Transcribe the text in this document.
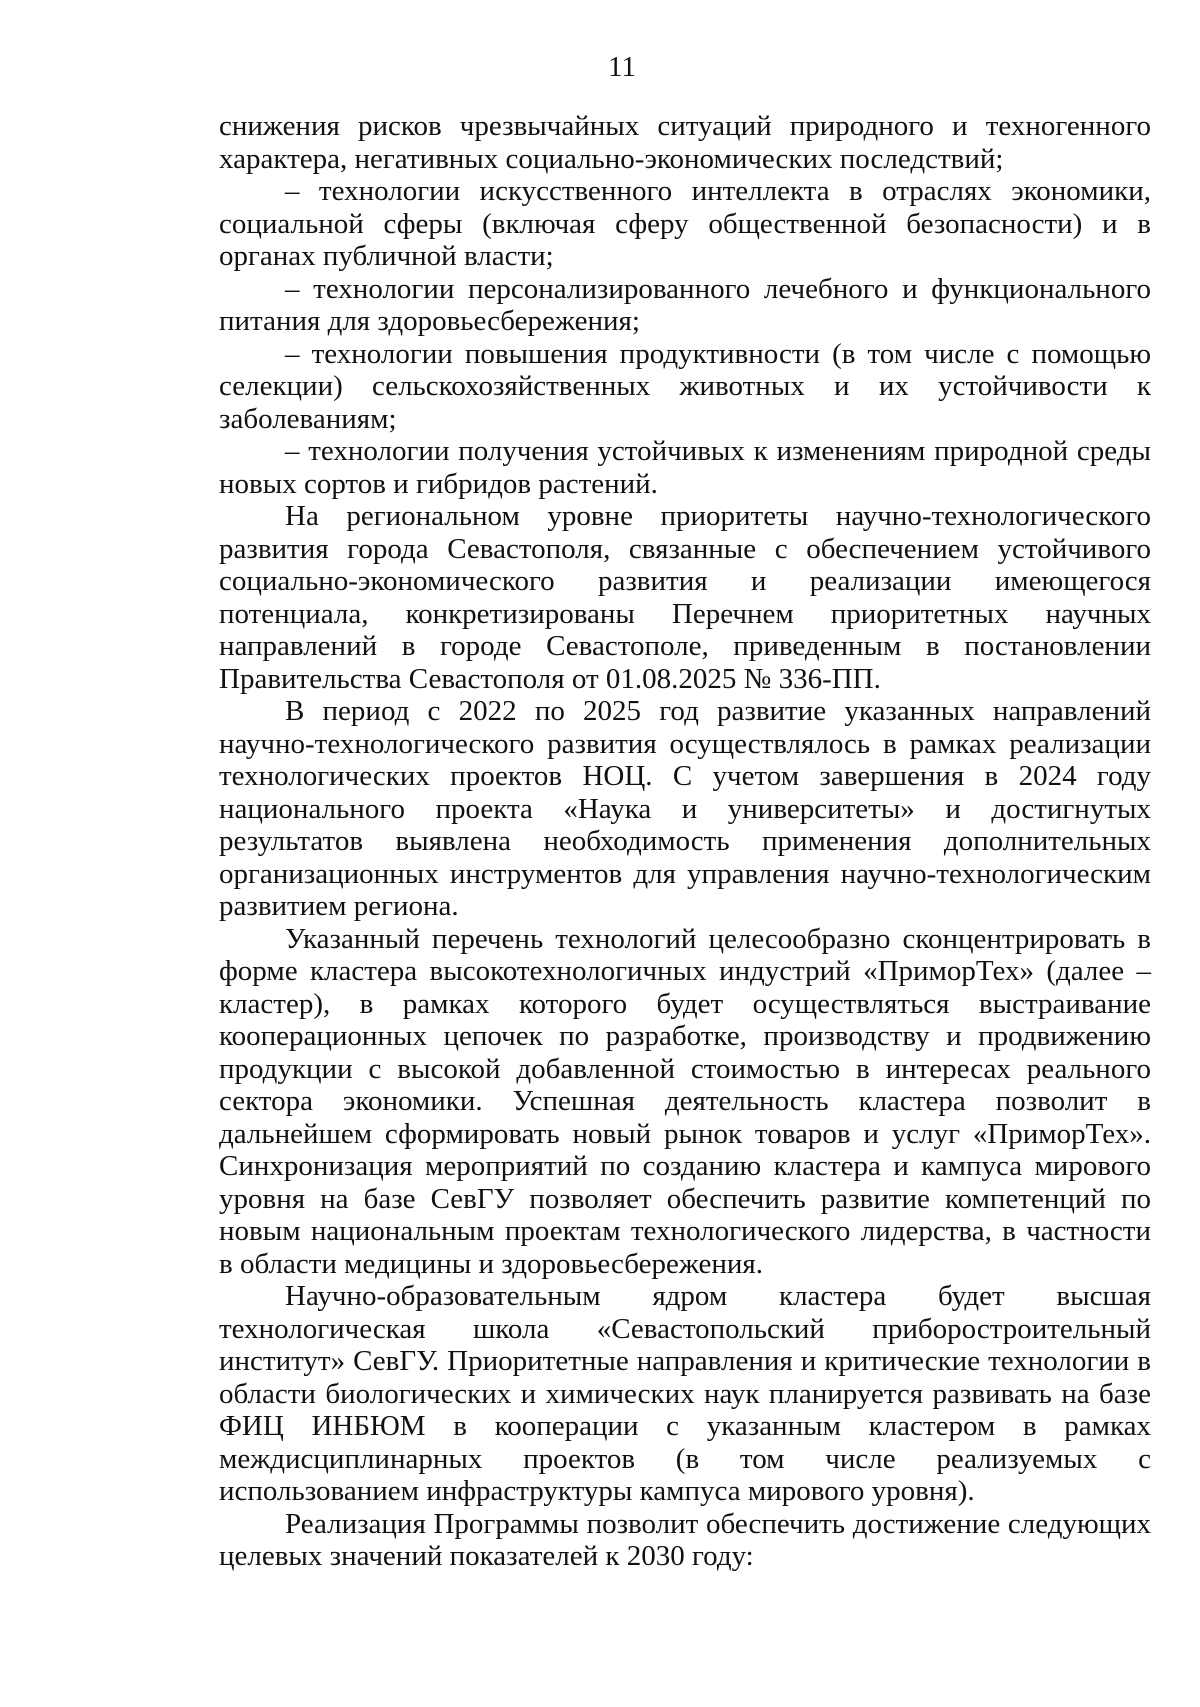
11

снижения рисков чрезвычайных ситуаций природного и техногенного характера, негативных социально-экономических последствий;

– технологии искусственного интеллекта в отраслях экономики, социальной сферы (включая сферу общественной безопасности) и в органах публичной власти;

– технологии персонализированного лечебного и функционального питания для здоровьесбережения;

– технологии повышения продуктивности (в том числе с помощью селекции) сельскохозяйственных животных и их устойчивости к заболеваниям;

– технологии получения устойчивых к изменениям природной среды новых сортов и гибридов растений.

На региональном уровне приоритеты научно-технологического развития города Севастополя, связанные с обеспечением устойчивого социально-экономического развития и реализации имеющегося потенциала, конкретизированы Перечнем приоритетных научных направлений в городе Севастополе, приведенным в постановлении Правительства Севастополя от 01.08.2025 № 336-ПП.

В период с 2022 по 2025 год развитие указанных направлений научно-технологического развития осуществлялось в рамках реализации технологических проектов НОЦ. С учетом завершения в 2024 году национального проекта «Наука и университеты» и достигнутых результатов выявлена необходимость применения дополнительных организационных инструментов для управления научно-технологическим развитием региона.

Указанный перечень технологий целесообразно сконцентрировать в форме кластера высокотехнологичных индустрий «ПриморТех» (далее – кластер), в рамках которого будет осуществляться выстраивание кооперационных цепочек по разработке, производству и продвижению продукции с высокой добавленной стоимостью в интересах реального сектора экономики. Успешная деятельность кластера позволит в дальнейшем сформировать новый рынок товаров и услуг «ПриморТех». Синхронизация мероприятий по созданию кластера и кампуса мирового уровня на базе СевГУ позволяет обеспечить развитие компетенций по новым национальным проектам технологического лидерства, в частности в области медицины и здоровьесбережения.

Научно-образовательным ядром кластера будет высшая технологическая школа «Севастопольский приборостроительный институт» СевГУ. Приоритетные направления и критические технологии в области биологических и химических наук планируется развивать на базе ФИЦ ИНБЮМ в кооперации с указанным кластером в рамках междисциплинарных проектов (в том числе реализуемых с использованием инфраструктуры кампуса мирового уровня).

Реализация Программы позволит обеспечить достижение следующих целевых значений показателей к 2030 году:
